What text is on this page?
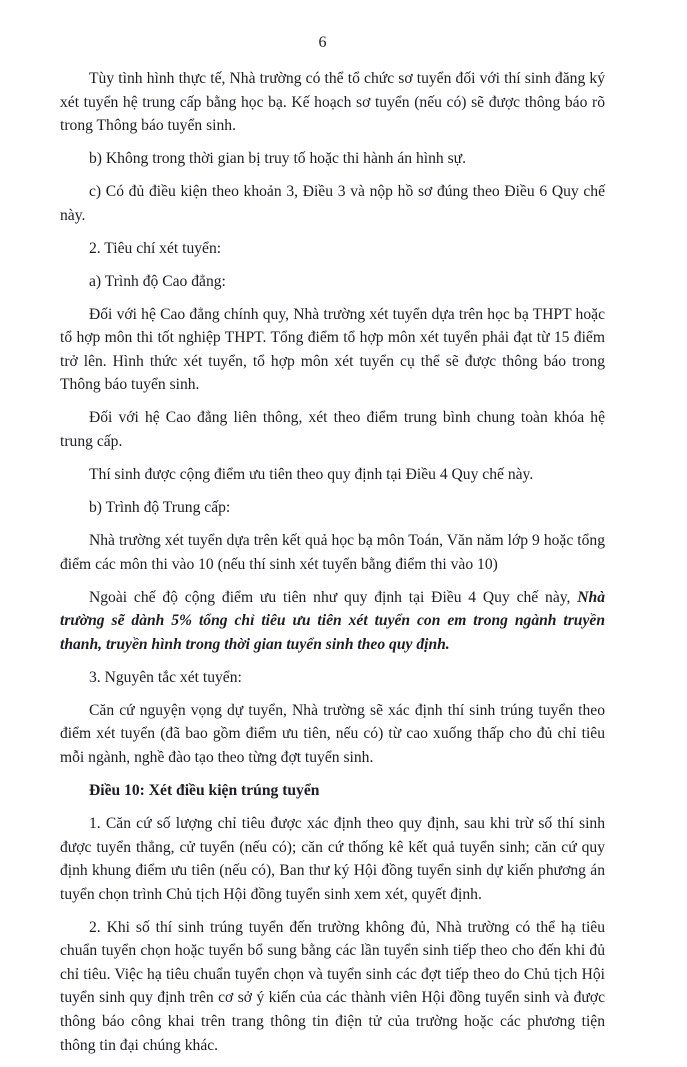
6

Tùy tình hình thực tế, Nhà trường có thể tổ chức sơ tuyển đối với thí sinh đăng ký xét tuyển hệ trung cấp bằng học bạ. Kế hoạch sơ tuyển (nếu có) sẽ được thông báo rõ trong Thông báo tuyển sinh.

b) Không trong thời gian bị truy tố hoặc thi hành án hình sự.

c) Có đủ điều kiện theo khoản 3, Điều 3 và nộp hồ sơ đúng theo Điều 6 Quy chế này.

2. Tiêu chí xét tuyển:

a) Trình độ Cao đẳng:

Đối với hệ Cao đẳng chính quy, Nhà trường xét tuyển dựa trên học bạ THPT hoặc tổ hợp môn thi tốt nghiệp THPT. Tổng điểm tổ hợp môn xét tuyển phải đạt từ 15 điểm trở lên. Hình thức xét tuyển, tổ hợp môn xét tuyển cụ thể sẽ được thông báo trong Thông báo tuyển sinh.

Đối với hệ Cao đẳng liên thông, xét theo điểm trung bình chung toàn khóa hệ trung cấp.

Thí sinh được cộng điểm ưu tiên theo quy định tại Điều 4 Quy chế này.

b) Trình độ Trung cấp:

Nhà trường xét tuyển dựa trên kết quả học bạ môn Toán, Văn năm lớp 9 hoặc tổng điểm các môn thi vào 10 (nếu thí sinh xét tuyển bằng điểm thi vào 10)

Ngoài chế độ cộng điểm ưu tiên như quy định tại Điều 4 Quy chế này, Nhà trường sẽ dành 5% tổng chỉ tiêu ưu tiên xét tuyển con em trong ngành truyền thanh, truyền hình trong thời gian tuyển sinh theo quy định.

3. Nguyên tắc xét tuyển:

Căn cứ nguyện vọng dự tuyển, Nhà trường sẽ xác định thí sinh trúng tuyển theo điểm xét tuyển (đã bao gồm điểm ưu tiên, nếu có) từ cao xuống thấp cho đủ chỉ tiêu mỗi ngành, nghề đào tạo theo từng đợt tuyển sinh.

Điều 10: Xét điều kiện trúng tuyển

1. Căn cứ số lượng chỉ tiêu được xác định theo quy định, sau khi trừ số thí sinh được tuyển thẳng, cử tuyển (nếu có); căn cứ thống kê kết quả tuyển sinh; căn cứ quy định khung điểm ưu tiên (nếu có), Ban thư ký Hội đồng tuyển sinh dự kiến phương án tuyển chọn trình Chủ tịch Hội đồng tuyển sinh xem xét, quyết định.

2. Khi số thí sinh trúng tuyển đến trường không đủ, Nhà trường có thể hạ tiêu chuẩn tuyển chọn hoặc tuyển bổ sung bằng các lần tuyển sinh tiếp theo cho đến khi đủ chỉ tiêu. Việc hạ tiêu chuẩn tuyển chọn và tuyển sinh các đợt tiếp theo do Chủ tịch Hội tuyển sinh quy định trên cơ sở ý kiến của các thành viên Hội đồng tuyển sinh và được thông báo công khai trên trang thông tin điện tử của trường hoặc các phương tiện thông tin đại chúng khác.
